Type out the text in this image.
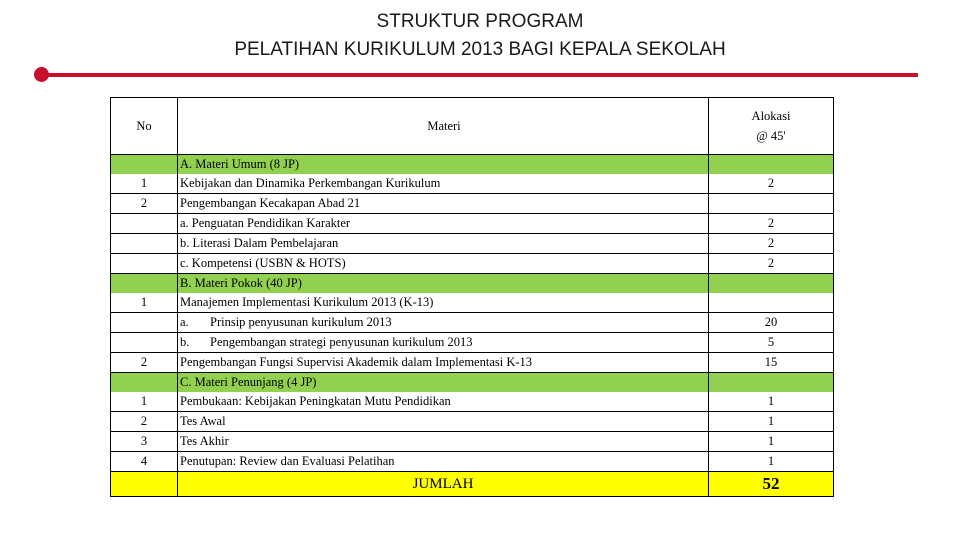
STRUKTUR PROGRAM
PELATIHAN KURIKULUM 2013 BAGI KEPALA SEKOLAH
No	Materi	Alokasi
@ 45'

	A. Materi Umum (8 JP)	
1	Kebijakan dan Dinamika Perkembangan Kurikulum	2
2	Pengembangan Kecakapan Abad 21	
	a. Penguatan Pendidikan Karakter	2
	b. Literasi Dalam Pembelajaran	2
	c. Kompetensi (USBN & HOTS)	2
	B. Materi Pokok (40 JP)	
1	Manajemen Implementasi Kurikulum 2013 (K-13)	
	a. Prinsip penyusunan kurikulum 2013	20
	b. Pengembangan strategi penyusunan kurikulum 2013	5
2	Pengembangan Fungsi Supervisi Akademik dalam Implementasi K-13	15
	C. Materi Penunjang (4 JP)	
1	Pembukaan: Kebijakan Peningkatan Mutu Pendidikan	1
2	Tes Awal	1
3	Tes Akhir	1
4	Penutupan: Review dan Evaluasi Pelatihan	1
	JUMLAH	52
